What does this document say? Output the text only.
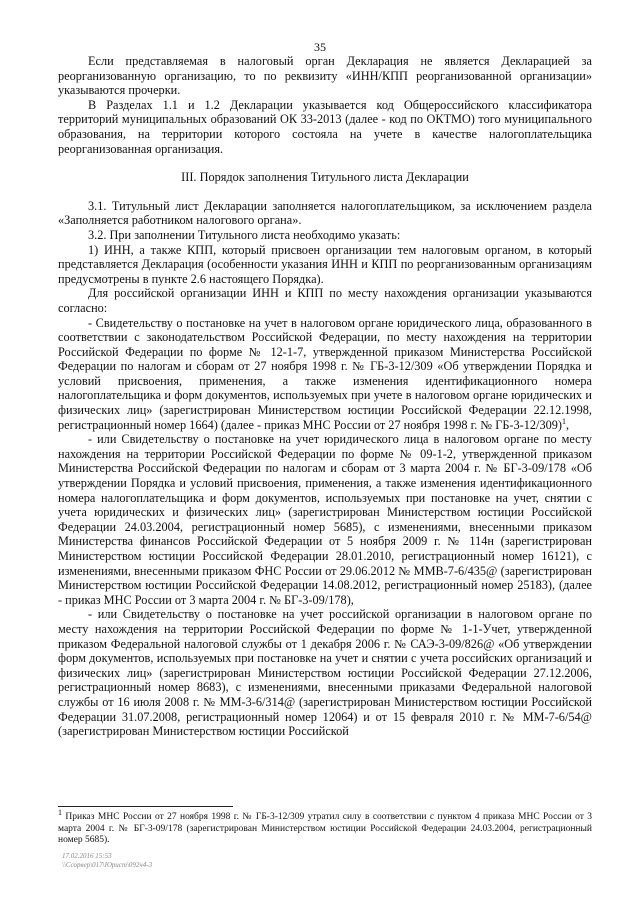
35

Если представляемая в налоговый орган Декларация не является Декларацией за реорганизованную организацию, то по реквизиту «ИНН/КПП реорганизованной организации» указываются прочерки.

В Разделах 1.1 и 1.2 Декларации указывается код Общероссийского классификатора территорий муниципальных образований ОК 33-2013 (далее - код по ОКТМО) того муниципального образования, на территории которого состояла на учете в качестве налогоплательщика реорганизованная организация.

III. Порядок заполнения Титульного листа Декларации

3.1. Титульный лист Декларации заполняется налогоплательщиком, за исключением раздела «Заполняется работником налогового органа».

3.2. При заполнении Титульного листа необходимо указать:

1) ИНН, а также КПП, который присвоен организации тем налоговым органом, в который представляется Декларация (особенности указания ИНН и КПП по реорганизованным организациям предусмотрены в пункте 2.6 настоящего Порядка).

Для российской организации ИНН и КПП по месту нахождения организации указываются согласно:

- Свидетельству о постановке на учет в налоговом органе юридического лица, образованного в соответствии с законодательством Российской Федерации, по месту нахождения на территории Российской Федерации по форме № 12-1-7, утвержденной приказом Министерства Российской Федерации по налогам и сборам от 27 ноября 1998 г. № ГБ-3-12/309 «Об утверждении Порядка и условий присвоения, применения, а также изменения идентификационного номера налогоплательщика и форм документов, используемых при учете в налоговом органе юридических и физических лиц» (зарегистрирован Министерством юстиции Российской Федерации 22.12.1998, регистрационный номер 1664) (далее - приказ МНС России от 27 ноября 1998 г. № ГБ-3-12/309)$^1$,

- или Свидетельству о постановке на учет юридического лица в налоговом органе по месту нахождения на территории Российской Федерации по форме № 09-1-2, утвержденной приказом Министерства Российской Федерации по налогам и сборам от 3 марта 2004 г. № БГ-3-09/178 «Об утверждении Порядка и условий присвоения, применения, а также изменения идентификационного номера налогоплательщика и форм документов, используемых при постановке на учет, снятии с учета юридических и физических лиц» (зарегистрирован Министерством юстиции Российской Федерации 24.03.2004, регистрационный номер 5685), с изменениями, внесенными приказом Министерства финансов Российской Федерации от 5 ноября 2009 г. № 114н (зарегистрирован Министерством юстиции Российской Федерации 28.01.2010, регистрационный номер 16121), с изменениями, внесенными приказом ФНС России от 29.06.2012 № ММВ-7-6/435@ (зарегистрирован Министерством юстиции Российской Федерации 14.08.2012, регистрационный номер 25183), (далее - приказ МНС России от 3 марта 2004 г. № БГ-3-09/178),

- или Свидетельству о постановке на учет российской организации в налоговом органе по месту нахождения на территории Российской Федерации по форме № 1-1-Учет, утвержденной приказом Федеральной налоговой службы от 1 декабря 2006 г. № САЭ-3-09/826@ «Об утверждении форм документов, используемых при постановке на учет и снятии с учета российских организаций и физических лиц» (зарегистрирован Министерством юстиции Российской Федерации 27.12.2006, регистрационный номер 8683), с изменениями, внесенными приказами Федеральной налоговой службы от 16 июля 2008 г. № ММ-3-6/314@ (зарегистрирован Министерством юстиции Российской Федерации 31.07.2008, регистрационный номер 12064) и от 15 февраля 2010 г. № ММ-7-6/54@ (зарегистрирован Министерством юстиции Российской

$^1$ Приказ МНС России от 27 ноября 1998 г. № ГБ-3-12/309 утратил силу в соответствии с пунктом 4 приказа МНС России от 3 марта 2004 г. № БГ-3-09/178 (зарегистрирован Министерством юстиции Российской Федерации 24.03.2004, регистрационный номер 5685).

17.02.2016 15:53
\\Ссорвер\017\Юрист\092ч4-3
